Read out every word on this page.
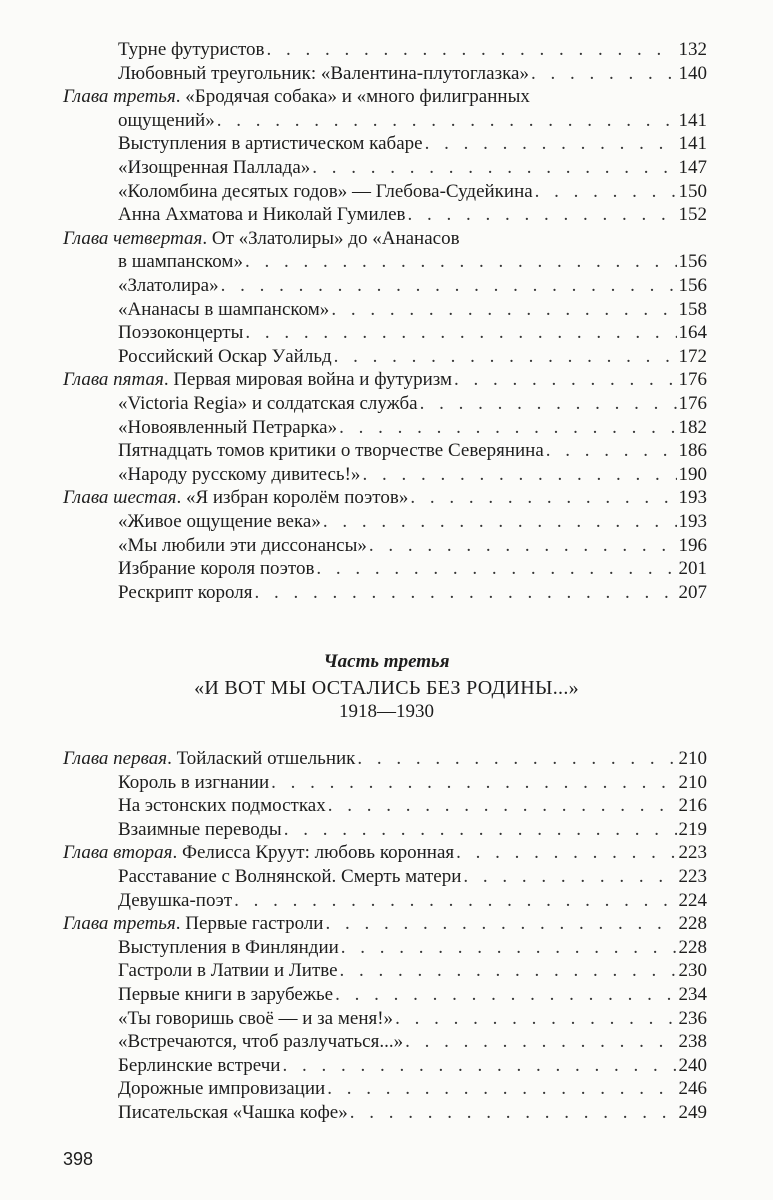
Турне футуристов . . .	132
Любовный треугольник: «Валентина-плутоглазка» . . .	140
Глава третья. «Бродячая собака» и «много филигранных
ощущений» . . .	141
Выступления в артистическом кабаре . . .	141
«Изощренная Паллада» . . .	147
«Коломбина десятых годов» — Глебова-Судейкина . . .	150
Анна Ахматова и Николай Гумилев . . .	152
Глава четвертая. От «Златолиры» до «Ананасов
в шампанском» . . .	156
«Златолира» . . .	156
«Ананасы в шампанском» . . .	158
Поэзоконцерты . . .	164
Российский Оскар Уайльд . . .	172
Глава пятая. Первая мировая война и футуризм . . .	176
«Victoria Regia» и солдатская служба . . .	176
«Новоявленный Петрарка» . . .	182
Пятнадцать томов критики о творчестве Северянина . . .	186
«Народу русскому дивитесь!» . . .	190
Глава шестая. «Я избран королём поэтов» . . .	193
«Живое ощущение века» . . .	193
«Мы любили эти диссонансы» . . .	196
Избрание короля поэтов . . .	201
Рескрипт короля . . .	207
Глава первая. Тойлаский отшельник . . .	210
Король в изгнании . . .	210
На эстонских подмостках . . .	216
Взаимные переводы . . .	219
Глава вторая. Фелисса Круут: любовь коронная . . .	223
Расставание с Волнянской. Смерть матери . . .	223
Девушка-поэт . . .	224
Глава третья. Первые гастроли . . .	228
Выступления в Финляндии . . .	228
Гастроли в Латвии и Литве . . .	230
Первые книги в зарубежье . . .	234
«Ты говоришь своё — и за меня!» . . .	236
«Встречаются, чтоб разлучаться...» . . .	238
Берлинские встречи . . .	240
Дорожные импровизации . . .	246
Писательская «Чашка кофе» . . .	249
Часть третья
«И ВОТ МЫ ОСТАЛИСЬ БЕЗ РОДИНЫ...»
1918—1930
398
